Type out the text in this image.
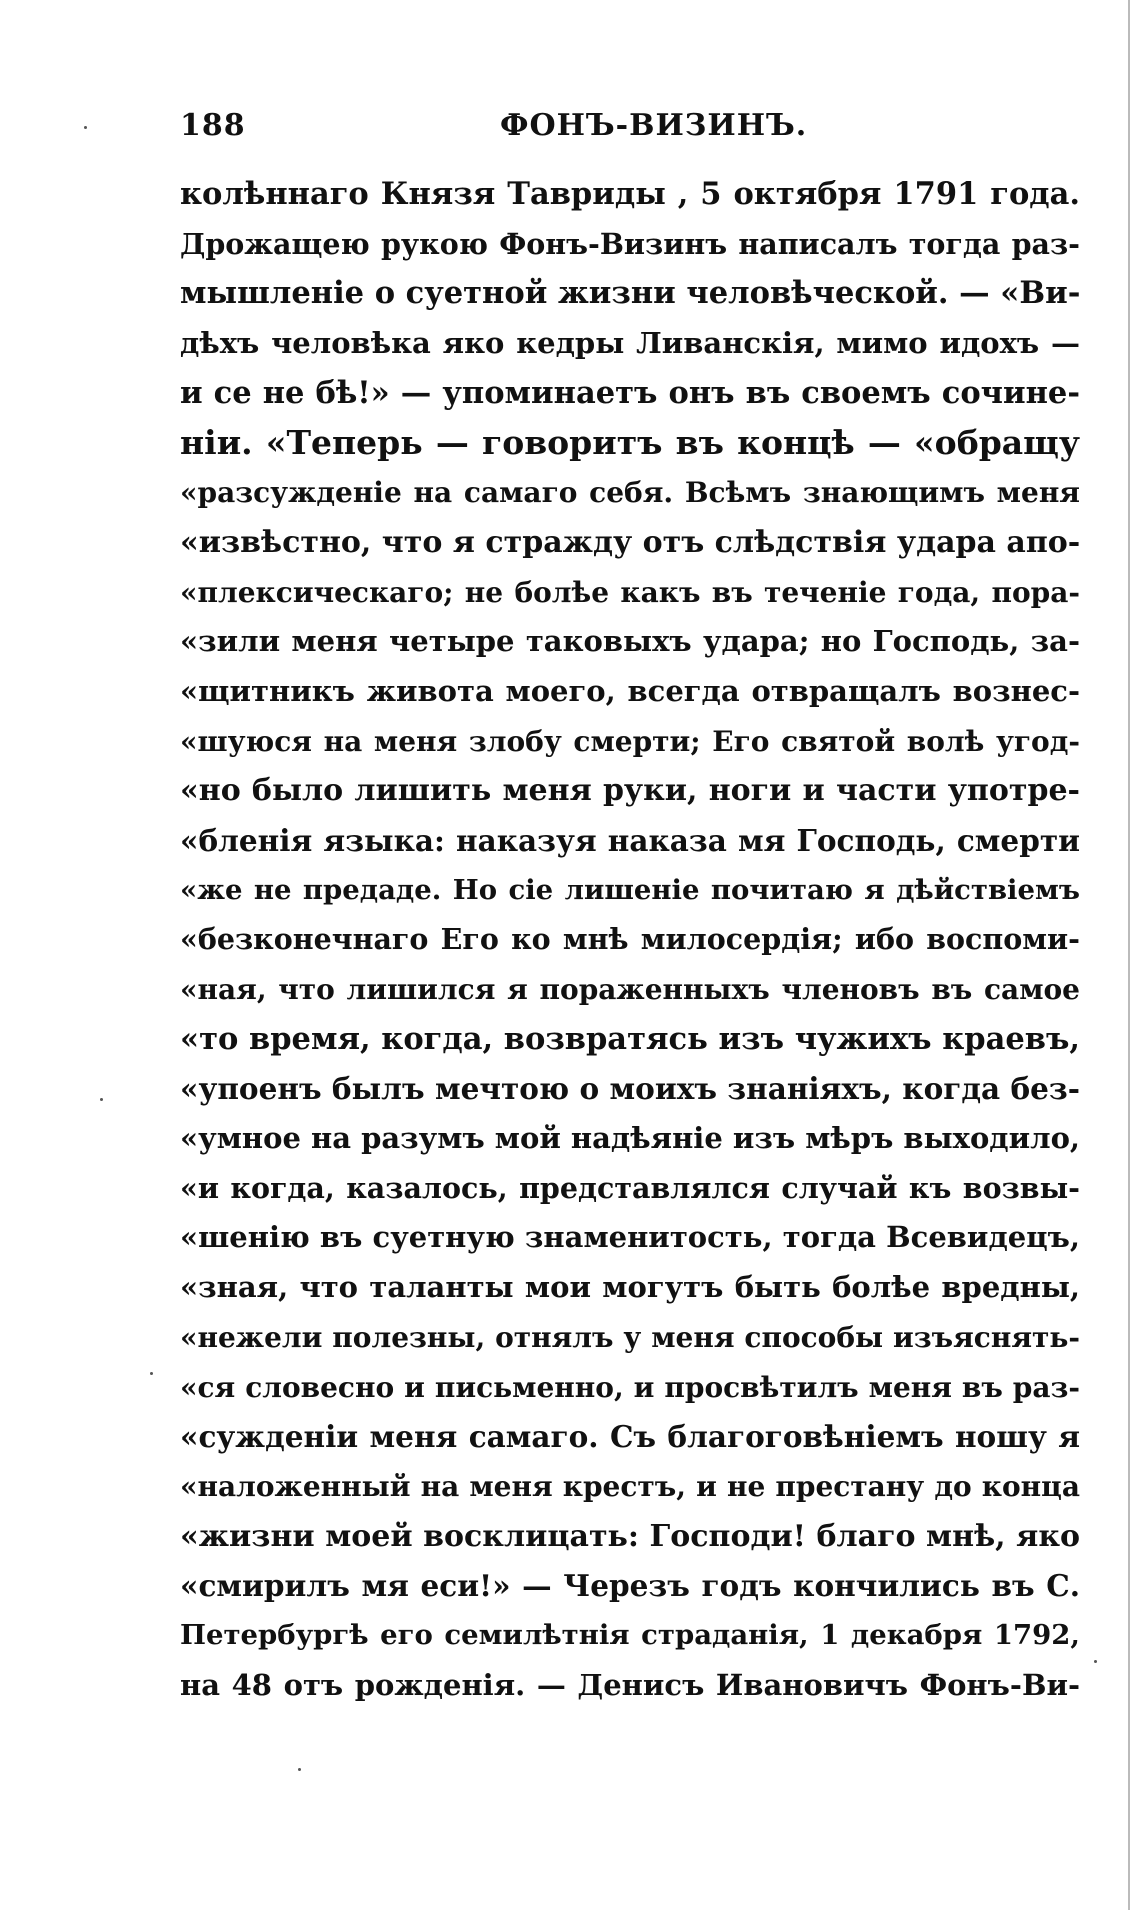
188	ФОНЪ-ВИЗИНЪ.
колѣннаго Князя Тавриды , 5 октября 1791 года.
Дрожащею рукою Фонъ-Визинъ написалъ тогда раз-
мышленіе о суетной жизни человѣческой. — «Ви-
дѣхъ человѣка яко кедры Ливанскія, мимо идохъ —
и се не бѣ!» — упоминаетъ онъ въ своемъ сочине-
ніи. «Теперь — говоритъ въ концѣ — «обращу
«разсужденіе на самаго себя. Всѣмъ знающимъ меня
«извѣстно, что я стражду отъ слѣдствія удара апо-
«плексическаго; не болѣе какъ въ теченіе года, пора-
«зили меня четыре таковыхъ удара; но Господь, за-
«щитникъ живота моего, всегда отвращалъ вознес-
«шуюся на меня злобу смерти; Его святой волѣ угод-
«но было лишить меня руки, ноги и части употре-
«бленія языка: наказуя наказа мя Господь, смерти
«же не предаде. Но сіе лишеніе почитаю я дѣйствіемъ
«безконечнаго Его ко мнѣ милосердія; ибо воспоми-
«ная, что лишился я пораженныхъ членовъ въ самое
«то время, когда, возвратясь изъ чужихъ краевъ,
«упоенъ былъ мечтою о моихъ знаніяхъ, когда без-
«умное на разумъ мой надѣяніе изъ мѣръ выходило,
«и когда, казалось, представлялся случай къ возвы-
«шенію въ суетную знаменитость, тогда Всевидецъ,
«зная, что таланты мои могутъ быть болѣе вредны,
«нежели полезны, отнялъ у меня способы изъяснять-
«ся словесно и письменно, и просвѣтилъ меня въ раз-
«сужденіи меня самаго. Съ благоговѣніемъ ношу я
«наложенный на меня крестъ, и не престану до конца
«жизни моей восклицать: Господи! благо мнѣ, яко
«смирилъ мя еси!» — Черезъ годъ кончились въ С.
Петербургѣ его семилѣтнія страданія, 1 декабря 1792,
на 48 отъ рожденія. — Денисъ Ивановичъ Фонъ-Ви-
